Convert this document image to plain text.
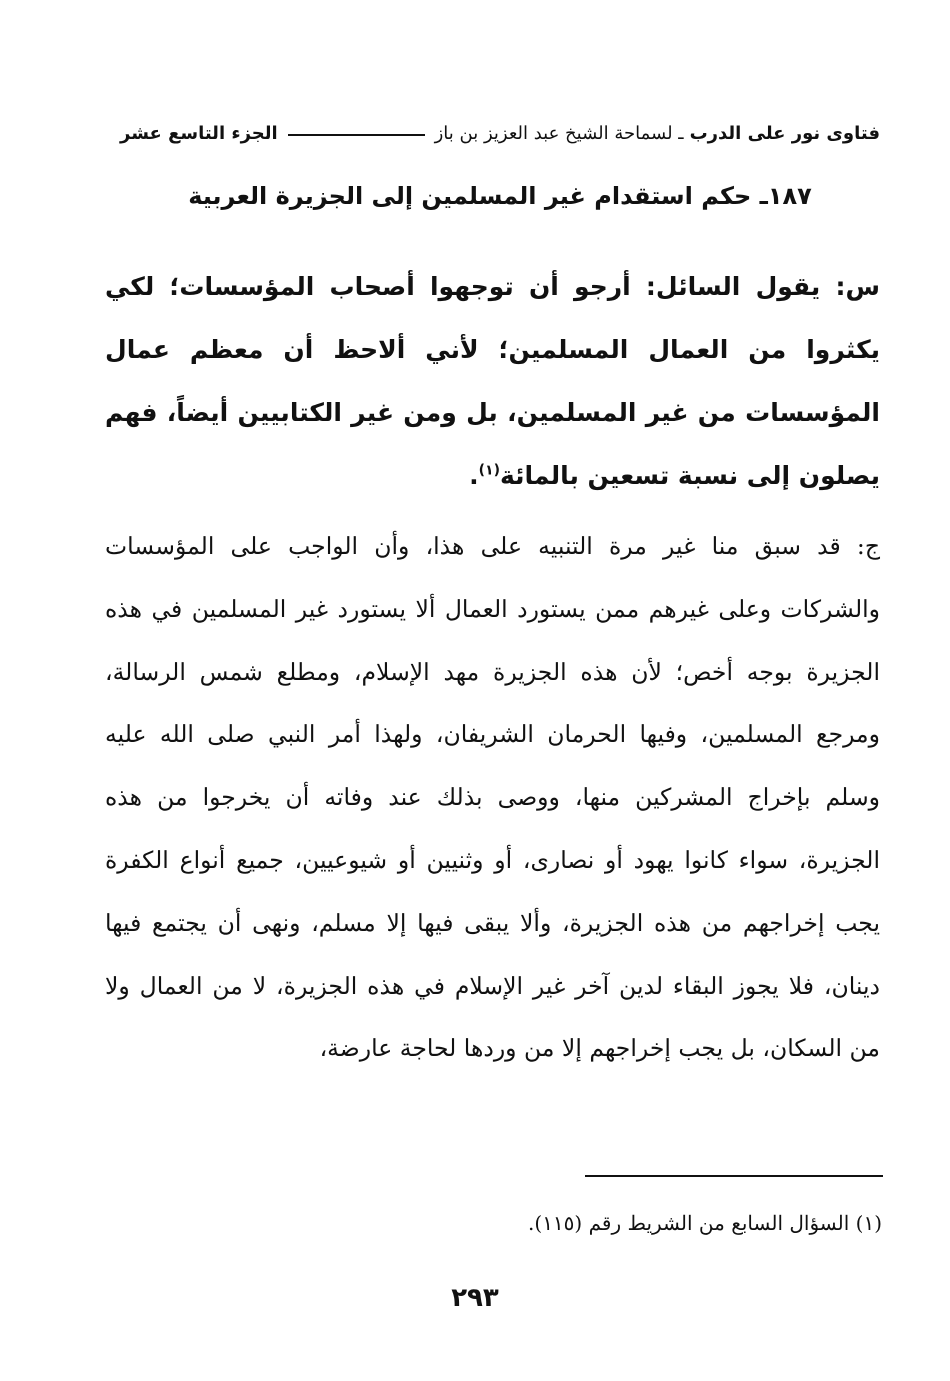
فتاوى نور على الدرب
ـ لسماحة الشيخ عبد العزيز بن باز
الجزء التاسع عشر
١٨٧ـ حكم استقدام غير المسلمين إلى الجزيرة العربية
س: يقول السائل: أرجو أن توجهوا أصحاب المؤسسات؛ لكي يكثروا من العمال المسلمين؛ لأني ألاحظ أن معظم عمال المؤسسات من غير المسلمين، بل ومن غير الكتابيين أيضاً، فهم يصلون إلى نسبة تسعين بالمائة$^{(١)}$.
ج: قد سبق منا غير مرة التنبيه على هذا، وأن الواجب على المؤسسات والشركات وعلى غيرهم ممن يستورد العمال ألا يستورد غير المسلمين في هذه الجزيرة بوجه أخص؛ لأن هذه الجزيرة مهد الإسلام، ومطلع شمس الرسالة، ومرجع المسلمين، وفيها الحرمان الشريفان، ولهذا أمر النبي صلى الله عليه وسلم بإخراج المشركين منها، ووصى بذلك عند وفاته أن يخرجوا من هذه الجزيرة، سواء كانوا يهود أو نصارى، أو وثنيين أو شيوعيين، جميع أنواع الكفرة يجب إخراجهم من هذه الجزيرة، وألا يبقى فيها إلا مسلم، ونهى أن يجتمع فيها دينان، فلا يجوز البقاء لدين آخر غير الإسلام في هذه الجزيرة، لا من العمال ولا من السكان، بل يجب إخراجهم إلا من وردها لحاجة عارضة،
(١) السؤال السابع من الشريط رقم (١١٥).
٢٩٣
